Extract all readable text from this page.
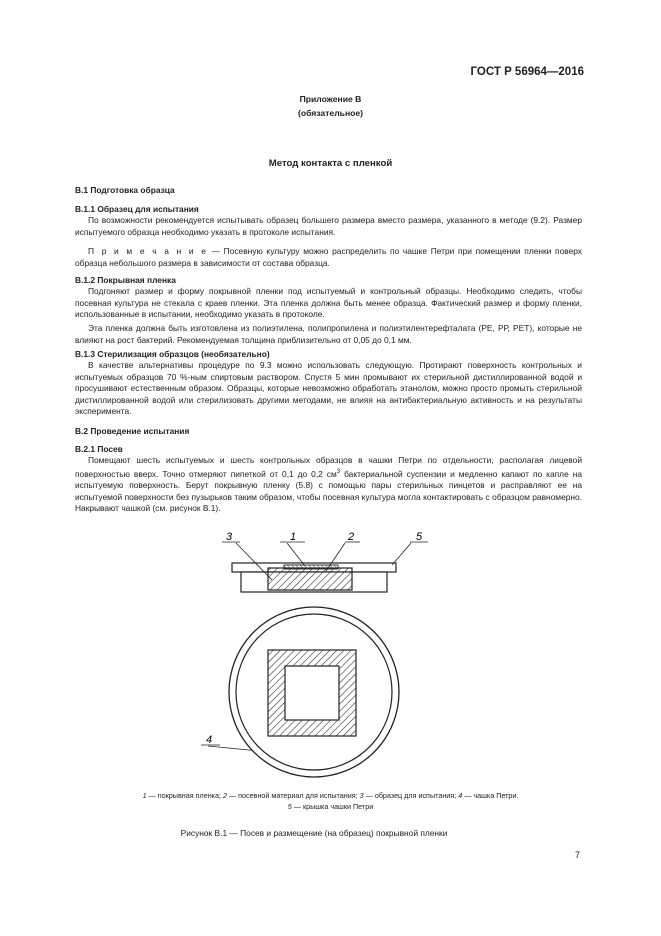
ГОСТ Р 56964—2016
Приложение В
(обязательное)
Метод контакта с пленкой
В.1 Подготовка образца
В.1.1 Образец для испытания

По возможности рекомендуется испытывать образец большего размера вместо размера, указанного в методе (9.2). Размер испытуемого образца необходимо указать в протоколе испытания.

П р и м е ч а н и е — Посевную культуру можно распределить по чашке Петри при помещении пленки поверх образца небольшого размера в зависимости от состава образца.

В.1.2 Покрывная пленка

Подгоняют размер и форму покрывной пленки под испытуемый и контрольный образцы. Необходимо следить, чтобы посевная культура не стекала с краев пленки. Эта пленка должна быть менее образца. Фактический размер и форму пленки, использованные в испытании, необходимо указать в протоколе.

Эта пленка должна быть изготовлена из полиэтилена, полипропилена и полиэтилентерефталата (РЕ, РР, РЕТ), которые не влияют на рост бактерий. Рекомендуемая толщина приблизительно от 0,05 до 0,1 мм.

В.1.3 Стерилизация образцов (необязательно)

В качестве альтернативы процедуре по 9.3 можно использовать следующую. Протирают поверхность контрольных и испытуемых образцов 70 %-ным спиртовым раствором. Спустя 5 мин промывают их стерильной дистиллированной водой и просушивают естественным образом. Образцы, которые невозможно обработать этанолом, можно просто промыть стерильной дистиллированной водой или стерилизовать другими методами, не влияя на антибактериальную активность и на результаты эксперимента.

В.2 Проведение испытания
В.2.1 Посев

Помещают шесть испытуемых и шесть контрольных образцов в чашки Петри по отдельности, располагая лицевой поверхностью вверх. Точно отмеряют пипеткой от 0,1 до 0,2 $см^3$ бактериальной суспензии и медленно капают по капле на испытуемую поверхность. Берут покрывную пленку (5.8) с помощью пары стерильных пинцетов и расправляют ее на испытуемой поверхности без пузырьков таким образом, чтобы посевная культура могла контактировать с образцом равномерно. Накрывают чашкой (см. рисунок В.1).

3	1	2	5
4
1 — покрывная пленка; 2 — посевной материал для испытания; 3 — образец для испытания; 4 — чашка Петри.
5 — крышка чашки Петри
Рисунок В.1 — Посев и размещение (на образец) покрывной пленки
7
